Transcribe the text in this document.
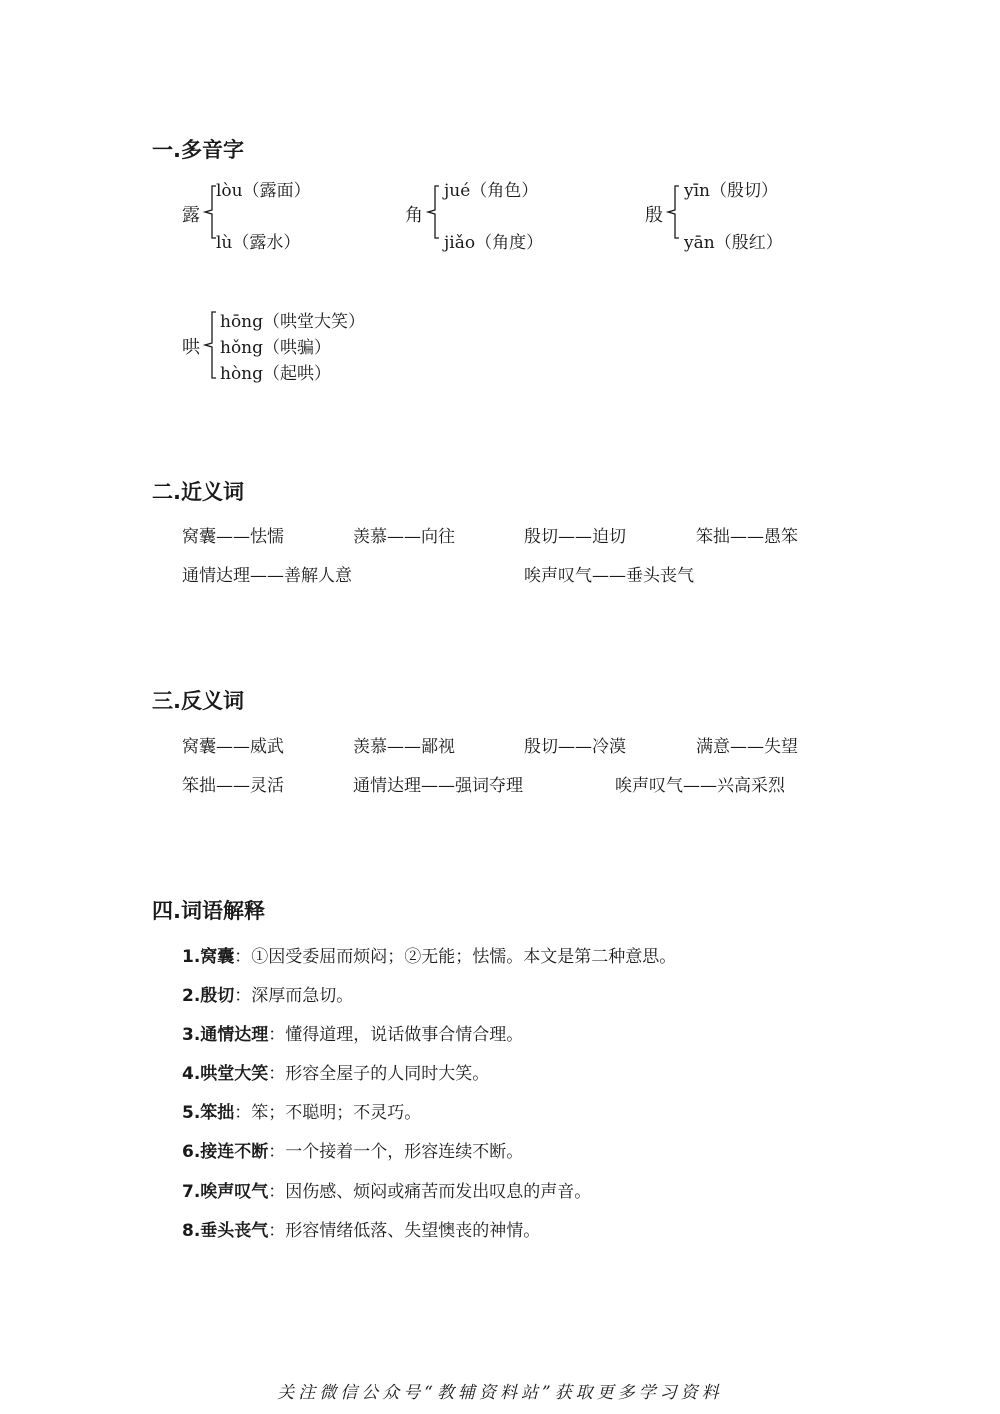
一.多音字
露
lòu（露面）
lù（露水）
角
jué（角色）
jiǎo（角度）
殷
yīn（殷切）
yān（殷红）
哄
hōng（哄堂大笑）
hǒng（哄骗）
hòng（起哄）
二.近义词
窝囊——怯懦	羡慕——向往	殷切——迫切	笨拙——愚笨
通情达理——善解人意	唉声叹气——垂头丧气
三.反义词
窝囊——威武	羡慕——鄙视	殷切——冷漠	满意——失望
笨拙——灵活	通情达理——强词夺理	唉声叹气——兴高采烈
四.词语解释
1.窝囊：①因受委屈而烦闷；②无能；怯懦。本文是第二种意思。
2.殷切：深厚而急切。
3.通情达理：懂得道理，说话做事合情合理。
4.哄堂大笑：形容全屋子的人同时大笑。
5.笨拙：笨；不聪明；不灵巧。
6.接连不断：一个接着一个，形容连续不断。
7.唉声叹气：因伤感、烦闷或痛苦而发出叹息的声音。
8.垂头丧气：形容情绪低落、失望懊丧的神情。
关注微信公众号“教辅资料站”获取更多学习资料
